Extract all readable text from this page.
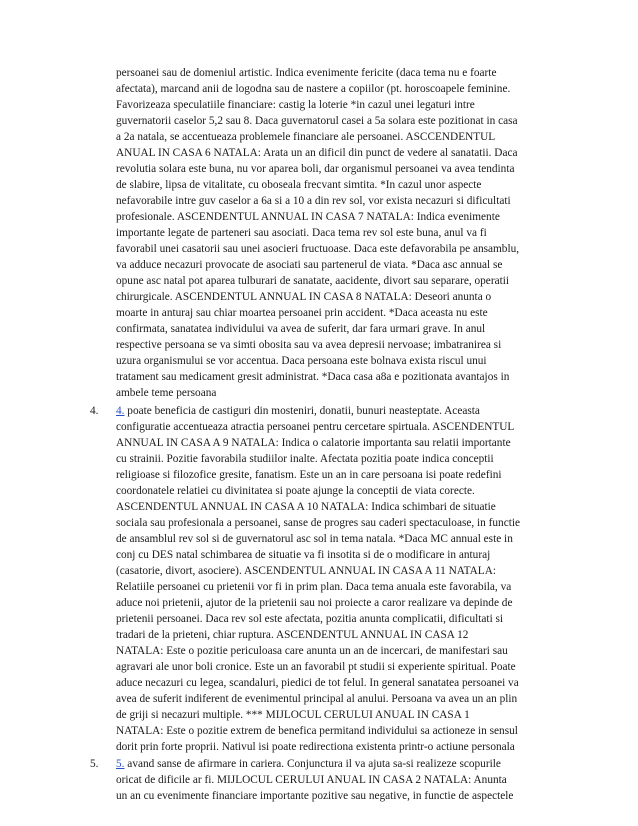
persoanei sau de domeniul artistic. Indica evenimente fericite (daca tema nu e foarte
afectata), marcand anii de logodna sau de nastere a copiilor (pt. horoscoapele feminine.
Favorizeaza speculatiile financiare: castig la loterie *in cazul unei legaturi intre
guvernatorii caselor 5,2 sau 8. Daca guvernatorul casei a 5a solara este pozitionat in casa
a 2a natala, se accentueaza problemele financiare ale persoanei. ASCCENDENTUL
ANUAL IN CASA 6 NATALA: Arata un an dificil din punct de vedere al sanatatii. Daca
revolutia solara este buna, nu vor aparea boli, dar organismul persoanei va avea tendinta
de slabire, lipsa de vitalitate, cu oboseala frecvant simtita. *In cazul unor aspecte
nefavorabile intre guv caselor a 6a si a 10 a din rev sol, vor exista necazuri si dificultati
profesionale. ASCENDENTUL ANNUAL IN CASA 7 NATALA: Indica evenimente
importante legate de parteneri sau asociati. Daca tema rev sol este buna, anul va fi
favorabil unei casatorii sau unei asocieri fructuoase. Daca este defavorabila pe ansamblu,
va adduce necazuri provocate de asociati sau partenerul de viata. *Daca asc annual se
opune asc natal pot aparea tulburari de sanatate, aacidente, divort sau separare, operatii
chirurgicale. ASCENDENTUL ANNUAL IN CASA 8 NATALA: Deseori anunta o
moarte in anturaj sau chiar moartea persoanei prin accident. *Daca aceasta nu este
confirmata, sanatatea individului va avea de suferit, dar fara urmari grave. In anul
respective persoana se va simti obosita sau va avea depresii nervoase; imbatranirea si
uzura organismului se vor accentua. Daca persoana este bolnava exista riscul unui
tratament sau medicament gresit administrat. *Daca casa a8a e pozitionata avantajos in
ambele teme persoana
4.	4. poate beneficia de castiguri din mosteniri, donatii, bunuri neasteptate. Aceasta
configuratie accentueaza atractia persoanei pentru cercetare spirtuala. ASCENDENTUL
ANNUAL IN CASA A 9 NATALA: Indica o calatorie importanta sau relatii importante
cu strainii. Pozitie favorabila studiilor inalte. Afectata pozitia poate indica conceptii
religioase si filozofice gresite, fanatism. Este un an in care persoana isi poate redefini
coordonatele relatiei cu divinitatea si poate ajunge la conceptii de viata corecte.
ASCENDENTUL ANNUAL IN CASA A 10 NATALA: Indica schimbari de situatie
sociala sau profesionala a persoanei, sanse de progres sau caderi spectaculoase, in functie
de ansamblul rev sol si de guvernatorul asc sol in tema natala. *Daca MC annual este in
conj cu DES natal schimbarea de situatie va fi insotita si de o modificare in anturaj
(casatorie, divort, asociere). ASCENDENTUL ANNUAL IN CASA A 11 NATALA:
Relatiile persoanei cu prietenii vor fi in prim plan. Daca tema anuala este favorabila, va
aduce noi prietenii, ajutor de la prietenii sau noi proiecte a caror realizare va depinde de
prietenii persoanei. Daca rev sol este afectata, pozitia anunta complicatii, dificultati si
tradari de la prieteni, chiar ruptura. ASCENDENTUL ANNUAL IN CASA 12
NATALA: Este o pozitie periculoasa care anunta un an de incercari, de manifestari sau
agravari ale unor boli cronice. Este un an favorabil pt studii si experiente spiritual. Poate
aduce necazuri cu legea, scandaluri, piedici de tot felul. In general sanatatea persoanei va
avea de suferit indiferent de evenimentul principal al anului. Persoana va avea un an plin
de griji si necazuri multiple. *** MIJLOCUL CERULUI ANUAL IN CASA 1
NATALA: Este o pozitie extrem de benefica permitand individului sa actioneze in sensul
dorit prin forte proprii. Nativul isi poate redirectiona existenta printr-o actiune personala
5.	5. avand sanse de afirmare in cariera. Conjunctura il va ajuta sa-si realizeze scopurile
oricat de dificile ar fi. MIJLOCUL CERULUI ANUAL IN CASA 2 NATALA: Anunta
un an cu evenimente financiare importante pozitive sau negative, in functie de aspectele
